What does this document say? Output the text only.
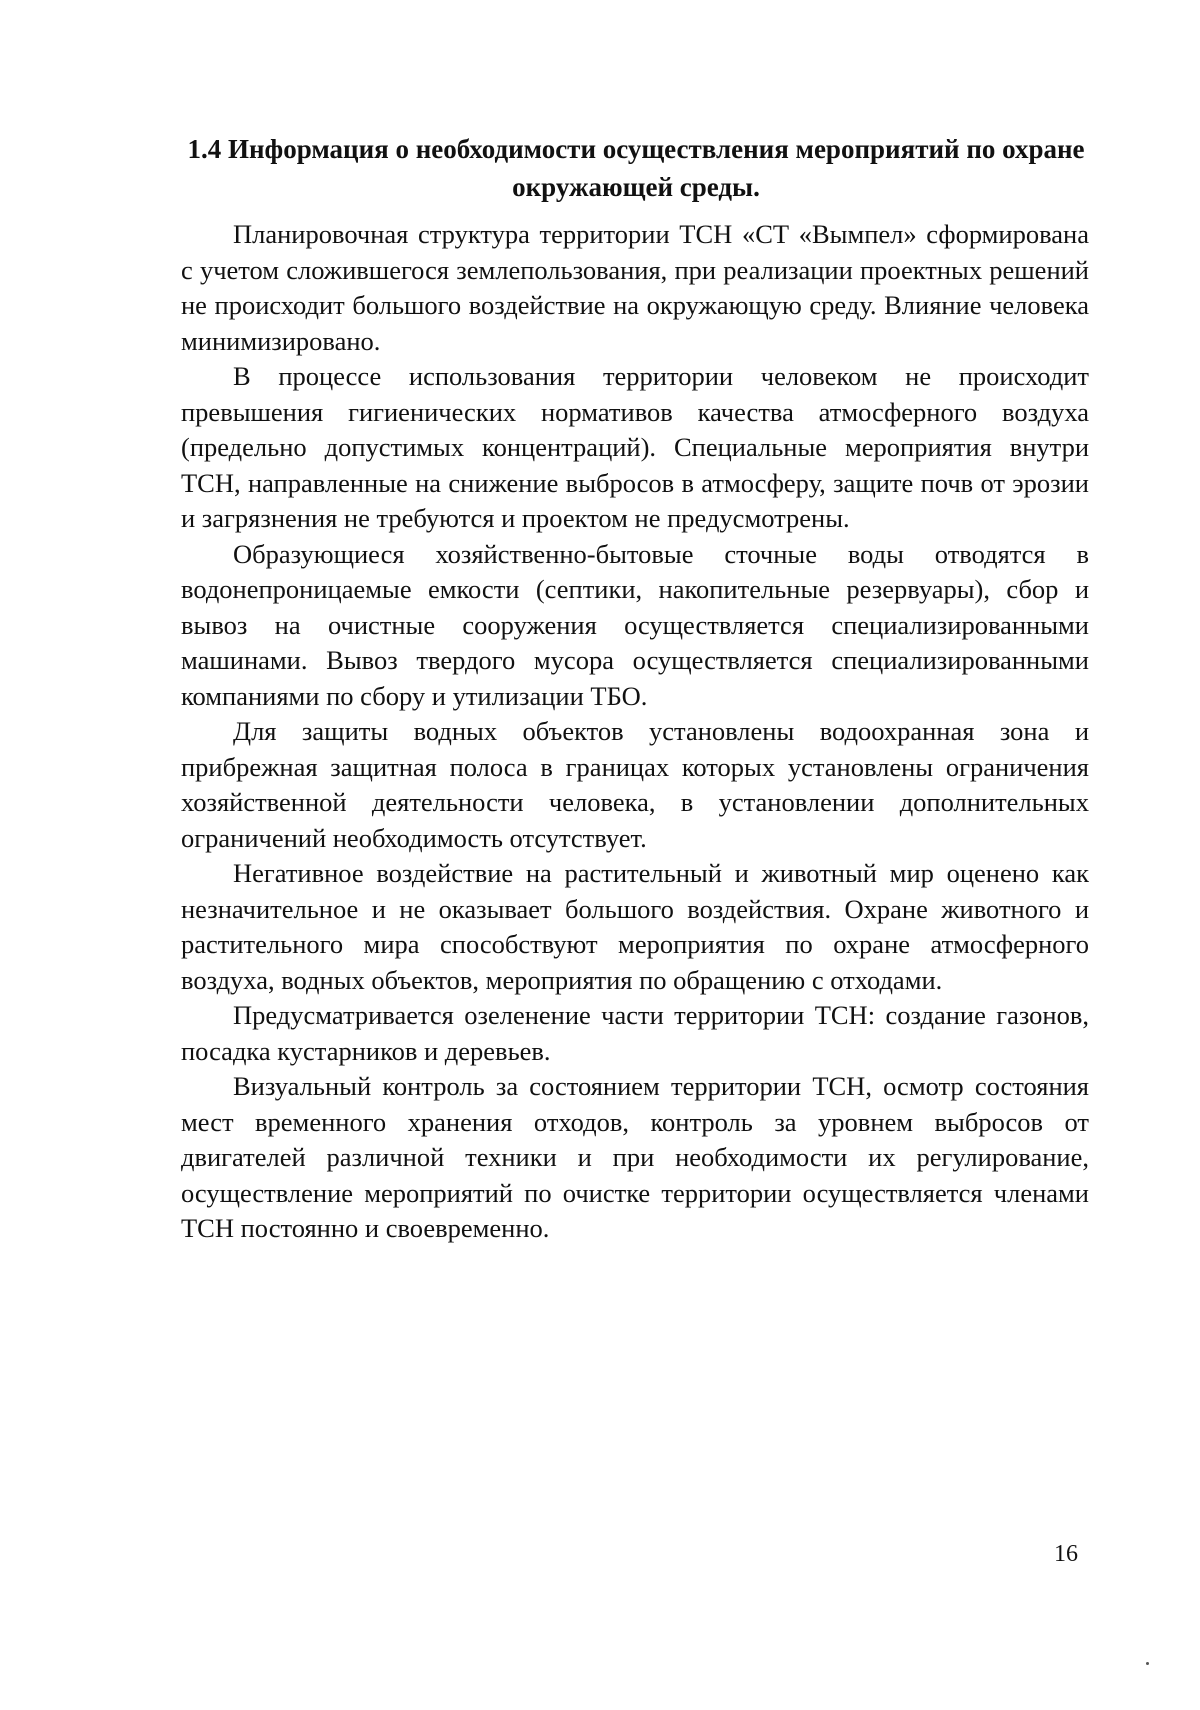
1.4 Информация о необходимости осуществления мероприятий по охране окружающей среды.

Планировочная структура территории ТСН «СТ «Вымпел» сформирована с учетом сложившегося землепользования, при реализации проектных решений не происходит большого воздействие на окружающую среду. Влияние человека минимизировано.

В процессе использования территории человеком не происходит превышения гигиенических нормативов качества атмосферного воздуха (предельно допустимых концентраций). Специальные мероприятия внутри ТСН, направленные на снижение выбросов в атмосферу, защите почв от эрозии и загрязнения не требуются и проектом не предусмотрены.

Образующиеся хозяйственно-бытовые сточные воды отводятся в водонепроницаемые емкости (септики, накопительные резервуары), сбор и вывоз на очистные сооружения осуществляется специализированными машинами. Вывоз твердого мусора осуществляется специализированными компаниями по сбору и утилизации ТБО.

Для защиты водных объектов установлены водоохранная зона и прибрежная защитная полоса в границах которых установлены ограничения хозяйственной деятельности человека, в установлении дополнительных ограничений необходимость отсутствует.

Негативное воздействие на растительный и животный мир оценено как незначительное и не оказывает большого воздействия. Охране животного и растительного мира способствуют мероприятия по охране атмосферного воздуха, водных объектов, мероприятия по обращению с отходами.

Предусматривается озеленение части территории ТСН: создание газонов, посадка кустарников и деревьев.

Визуальный контроль за состоянием территории ТСН, осмотр состояния мест временного хранения отходов, контроль за уровнем выбросов от двигателей различной техники и при необходимости их регулирование, осуществление мероприятий по очистке территории осуществляется членами ТСН постоянно и своевременно.

16
